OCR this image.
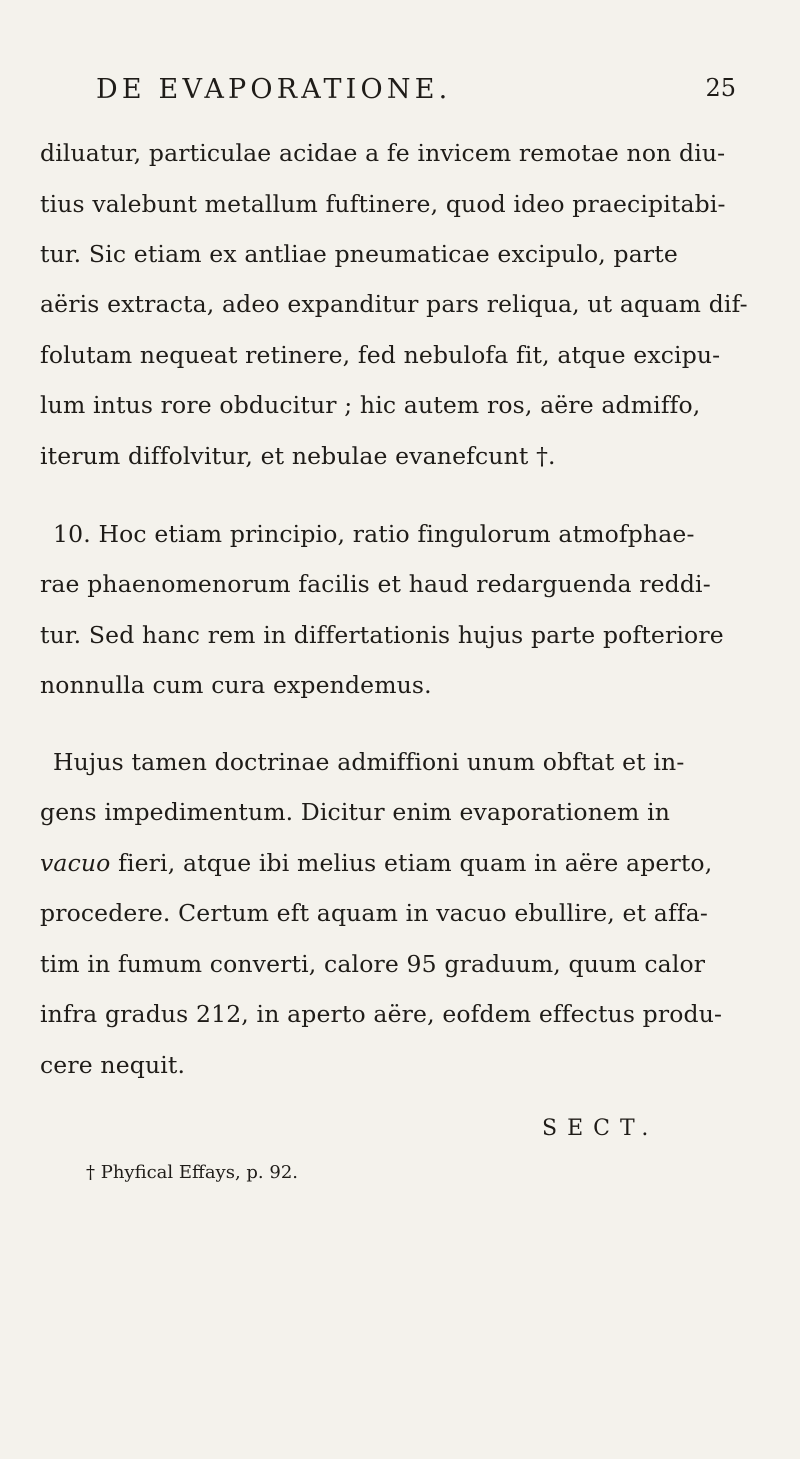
DE EVAPORATIONE.	25
diluatur, particulae acidae a fe invicem remotae non diu-
tius valebunt metallum fuftinere, quod ideo praecipitabi-
tur. Sic etiam ex antliae pneumaticae excipulo, parte
aëris extracta, adeo expanditur pars reliqua, ut aquam dif-
folutam nequeat retinere, fed nebulofa fit, atque excipu-
lum intus rore obducitur ; hic autem ros, aëre admiffo,
iterum diffolvitur, et nebulae evanefcunt †.
10. Hoc etiam principio, ratio fingulorum atmofphae-
rae phaenomenorum facilis et haud redarguenda reddi-
tur. Sed hanc rem in differtationis hujus parte pofteriore
nonnulla cum cura expendemus.
Hujus tamen doctrinae admiffioni unum obftat et in-
gens impedimentum. Dicitur enim evaporationem in
vacuo fieri, atque ibi melius etiam quam in aëre aperto,
procedere. Certum eft aquam in vacuo ebullire, et affa-
tim in fumum converti, calore 95 graduum, quum calor
infra gradus 212, in aperto aëre, eofdem effectus produ-
cere nequit.
SECT.
† Phyfical Effays, p. 92.
